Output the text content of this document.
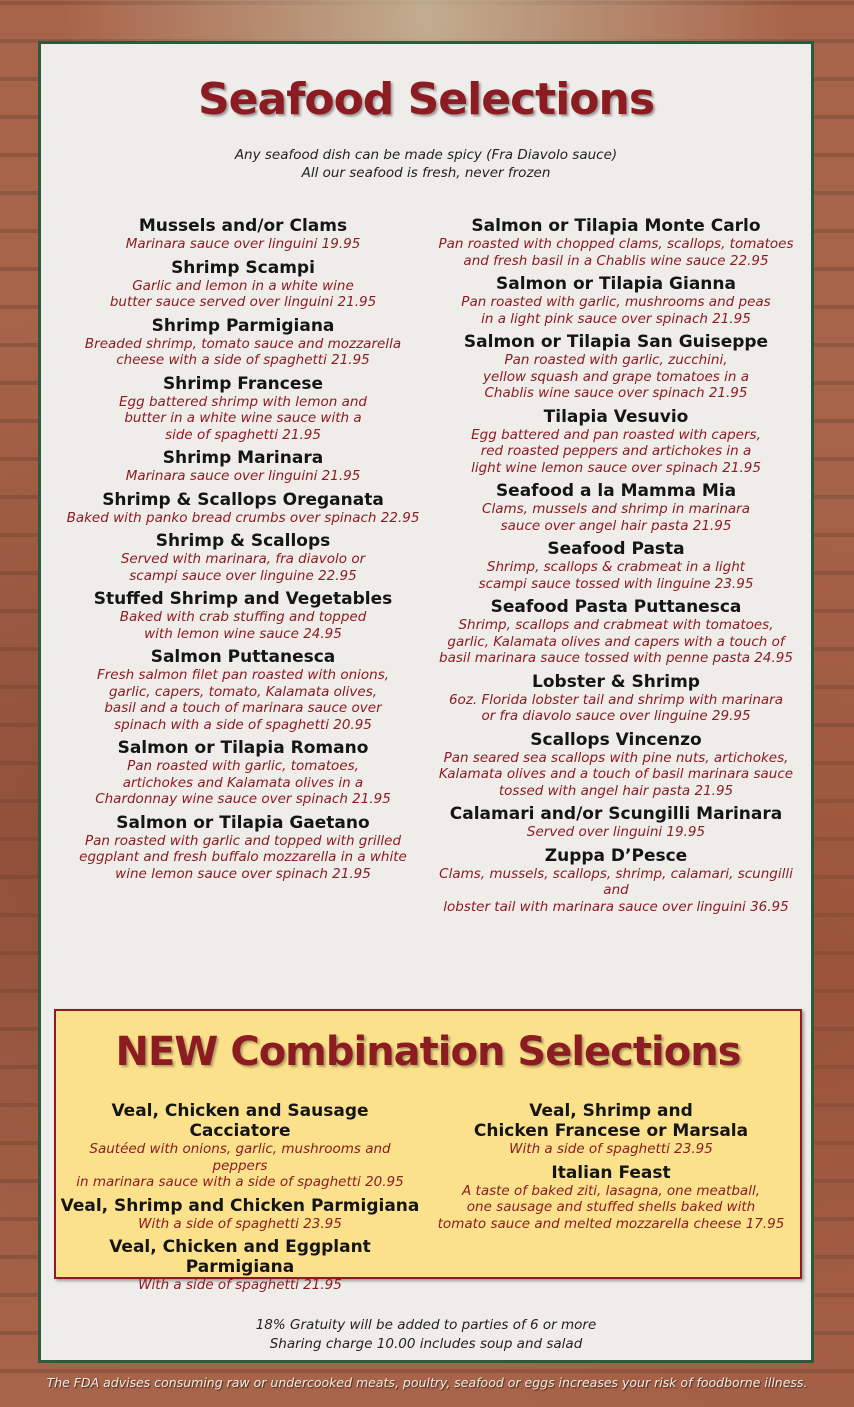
Seafood Selections
Any seafood dish can be made spicy (Fra Diavolo sauce)
All our seafood is fresh, never frozen
Mussels and/or Clams
Marinara sauce over linguini 19.95
Shrimp Scampi
Garlic and lemon in a white wine
butter sauce served over linguini 21.95
Shrimp Parmigiana
Breaded shrimp, tomato sauce and mozzarella
cheese with a side of spaghetti 21.95
Shrimp Francese
Egg battered shrimp with lemon and
butter in a white wine sauce with a
side of spaghetti 21.95
Shrimp Marinara
Marinara sauce over linguini 21.95
Shrimp & Scallops Oreganata
Baked with panko bread crumbs over spinach 22.95
Shrimp & Scallops
Served with marinara, fra diavolo or
scampi sauce over linguine 22.95
Stuffed Shrimp and Vegetables
Baked with crab stuffing and topped
with lemon wine sauce 24.95
Salmon Puttanesca
Fresh salmon filet pan roasted with onions,
garlic, capers, tomato, Kalamata olives,
basil and a touch of marinara sauce over
spinach with a side of spaghetti 20.95
Salmon or Tilapia Romano
Pan roasted with garlic, tomatoes,
artichokes and Kalamata olives in a
Chardonnay wine sauce over spinach 21.95
Salmon or Tilapia Gaetano
Pan roasted with garlic and topped with grilled
eggplant and fresh buffalo mozzarella in a white
wine lemon sauce over spinach 21.95
Salmon or Tilapia Monte Carlo
Pan roasted with chopped clams, scallops, tomatoes
and fresh basil in a Chablis wine sauce 22.95
Salmon or Tilapia Gianna
Pan roasted with garlic, mushrooms and peas
in a light pink sauce over spinach 21.95
Salmon or Tilapia San Guiseppe
Pan roasted with garlic, zucchini,
yellow squash and grape tomatoes in a
Chablis wine sauce over spinach 21.95
Tilapia Vesuvio
Egg battered and pan roasted with capers,
red roasted peppers and artichokes in a
light wine lemon sauce over spinach 21.95
Seafood a la Mamma Mia
Clams, mussels and shrimp in marinara
sauce over angel hair pasta 21.95
Seafood Pasta
Shrimp, scallops & crabmeat in a light
scampi sauce tossed with linguine 23.95
Seafood Pasta Puttanesca
Shrimp, scallops and crabmeat with tomatoes,
garlic, Kalamata olives and capers with a touch of
basil marinara sauce tossed with penne pasta 24.95
Lobster & Shrimp
6oz. Florida lobster tail and shrimp with marinara
or fra diavolo sauce over linguine 29.95
Scallops Vincenzo
Pan seared sea scallops with pine nuts, artichokes,
Kalamata olives and a touch of basil marinara sauce
tossed with angel hair pasta 21.95
Calamari and/or Scungilli Marinara
Served over linguini 19.95
Zuppa D’Pesce
Clams, mussels, scallops, shrimp, calamari, scungilli and
lobster tail with marinara sauce over linguini 36.95
NEW Combination Selections
Veal, Chicken and Sausage Cacciatore
Sautéed with onions, garlic, mushrooms and peppers
in marinara sauce with a side of spaghetti 20.95
Veal, Shrimp and Chicken Parmigiana
With a side of spaghetti 23.95
Veal, Chicken and Eggplant Parmigiana
With a side of spaghetti 21.95
Veal, Shrimp and
Chicken Francese or Marsala
With a side of spaghetti 23.95
Italian Feast
A taste of baked ziti, lasagna, one meatball,
one sausage and stuffed shells baked with
tomato sauce and melted mozzarella cheese 17.95
18% Gratuity will be added to parties of 6 or more
Sharing charge 10.00 includes soup and salad
The FDA advises consuming raw or undercooked meats, poultry, seafood or eggs increases your risk of foodborne illness.
